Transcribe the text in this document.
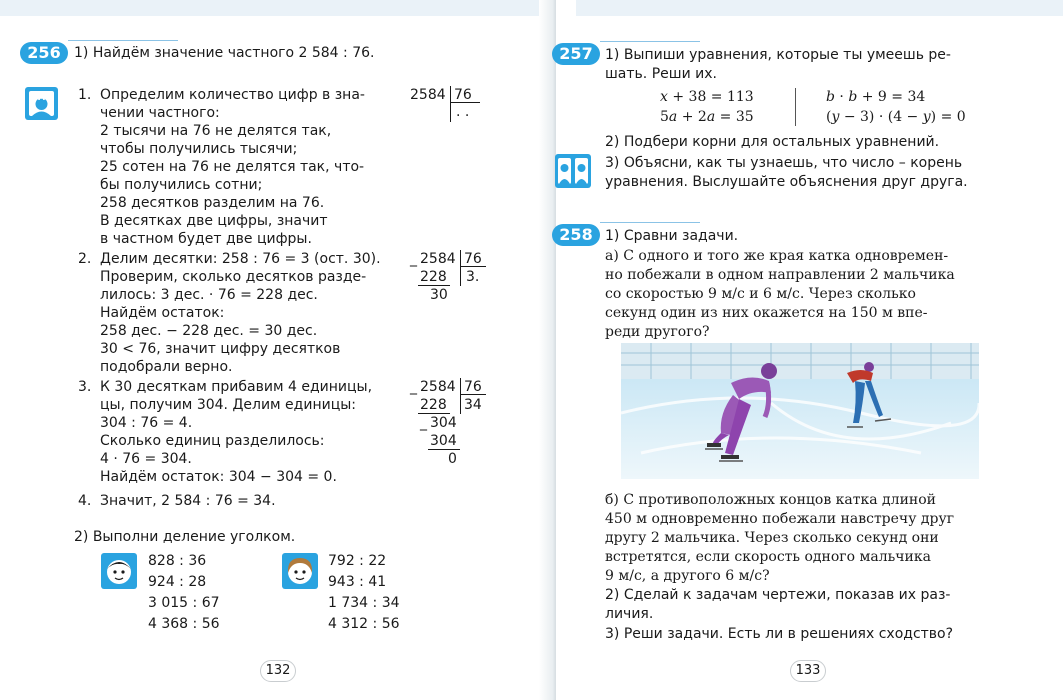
256 1) Найдём значение частного 2 584 : 76.
A 1. Определим количество цифр в зна-
чении частного:
2 тысячи на 76 не делятся так,
чтобы получились тысячи;
25 сотен на 76 не делятся так, что-
бы получились сотни;
258 десятков разделим на 76.
В десятках две цифры, значит
в частном будет две цифры.
2584 76
. .
2. Делим десятки: 258 : 76 = 3 (ост. 30).
Проверим, сколько десятков разде-
лилось: 3 дес. · 76 = 228 дес.
Найдём остаток:
258 дес. − 228 дес. = 30 дес.
30 < 76, значит цифру десятков
подобрали верно.
_ 2584 76
228 3.
30
3. К 30 десяткам прибавим 4 единицы,
цы, получим 304. Делим единицы:
304 : 76 = 4.
Сколько единиц разделилось:
4 · 76 = 304.
Найдём остаток: 304 − 304 = 0.
_ 2584 76
228 34
_ 304
304
0
4. Значит, 2 584 : 76 = 34.
2) Выполни деление уголком.
828 : 36
924 : 28
3 015 : 67
4 368 : 56
792 : 22
943 : 41
1 734 : 34
4 312 : 56
132
257 1) Выпиши уравнения, которые ты умеешь ре-
шать. Реши их.
x + 38 = 113
5a + 2a = 35
b · b + 9 = 34
(y − 3) · (4 − y) = 0
2) Подбери корни для остальных уравнений.
3) Объясни, как ты узнаешь, что число – корень
уравнения. Выслушайте объяснения друг друга.
258 1) Сравни задачи.
а) С одного и того же края катка одновремен-
но побежали в одном направлении 2 мальчика
со скоростью 9 м/с и 6 м/с. Через сколько
секунд один из них окажется на 150 м впе-
реди другого?
б) С противоположных концов катка длиной
450 м одновременно побежали навстречу друг
другу 2 мальчика. Через сколько секунд они
встретятся, если скорость одного мальчика
9 м/с, а другого 6 м/с?
2) Сделай к задачам чертежи, показав их раз-
личия.
3) Реши задачи. Есть ли в решениях сходство?
133
